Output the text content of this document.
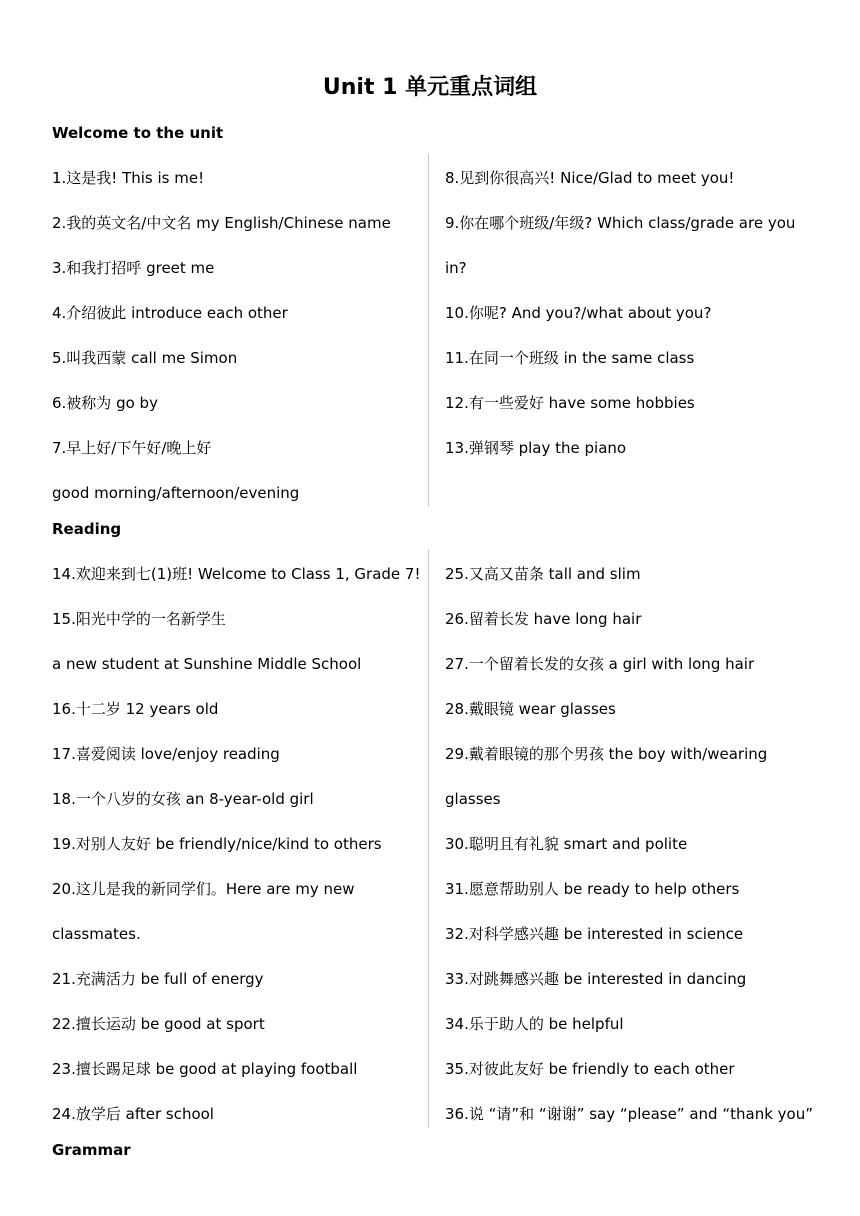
Unit 1 单元重点词组
Welcome to the unit
1.这是我! This is me!
2.我的英文名/中文名 my English/Chinese name
3.和我打招呼 greet me
4.介绍彼此 introduce each other
5.叫我西蒙 call me Simon
6.被称为 go by
7.早上好/下午好/晚上好
good morning/afternoon/evening
8.见到你很高兴! Nice/Glad to meet you!
9.你在哪个班级/年级? Which class/grade are you
in?
10.你呢? And you?/what about you?
11.在同一个班级 in the same class
12.有一些爱好 have some hobbies
13.弹钢琴 play the piano
Reading
14.欢迎来到七(1)班! Welcome to Class 1, Grade 7!
15.阳光中学的一名新学生
a new student at Sunshine Middle School
16.十二岁 12 years old
17.喜爱阅读 love/enjoy reading
18.一个八岁的女孩 an 8-year-old girl
19.对别人友好 be friendly/nice/kind to others
20.这儿是我的新同学们。Here are my new
classmates.
21.充满活力 be full of energy
22.擅长运动 be good at sport
23.擅长踢足球 be good at playing football
24.放学后 after school
25.又高又苗条 tall and slim
26.留着长发 have long hair
27.一个留着长发的女孩 a girl with long hair
28.戴眼镜 wear glasses
29.戴着眼镜的那个男孩 the boy with/wearing
glasses
30.聪明且有礼貌 smart and polite
31.愿意帮助别人 be ready to help others
32.对科学感兴趣 be interested in science
33.对跳舞感兴趣 be interested in dancing
34.乐于助人的 be helpful
35.对彼此友好 be friendly to each other
36.说 “请”和 “谢谢” say “please” and “thank you”
Grammar
